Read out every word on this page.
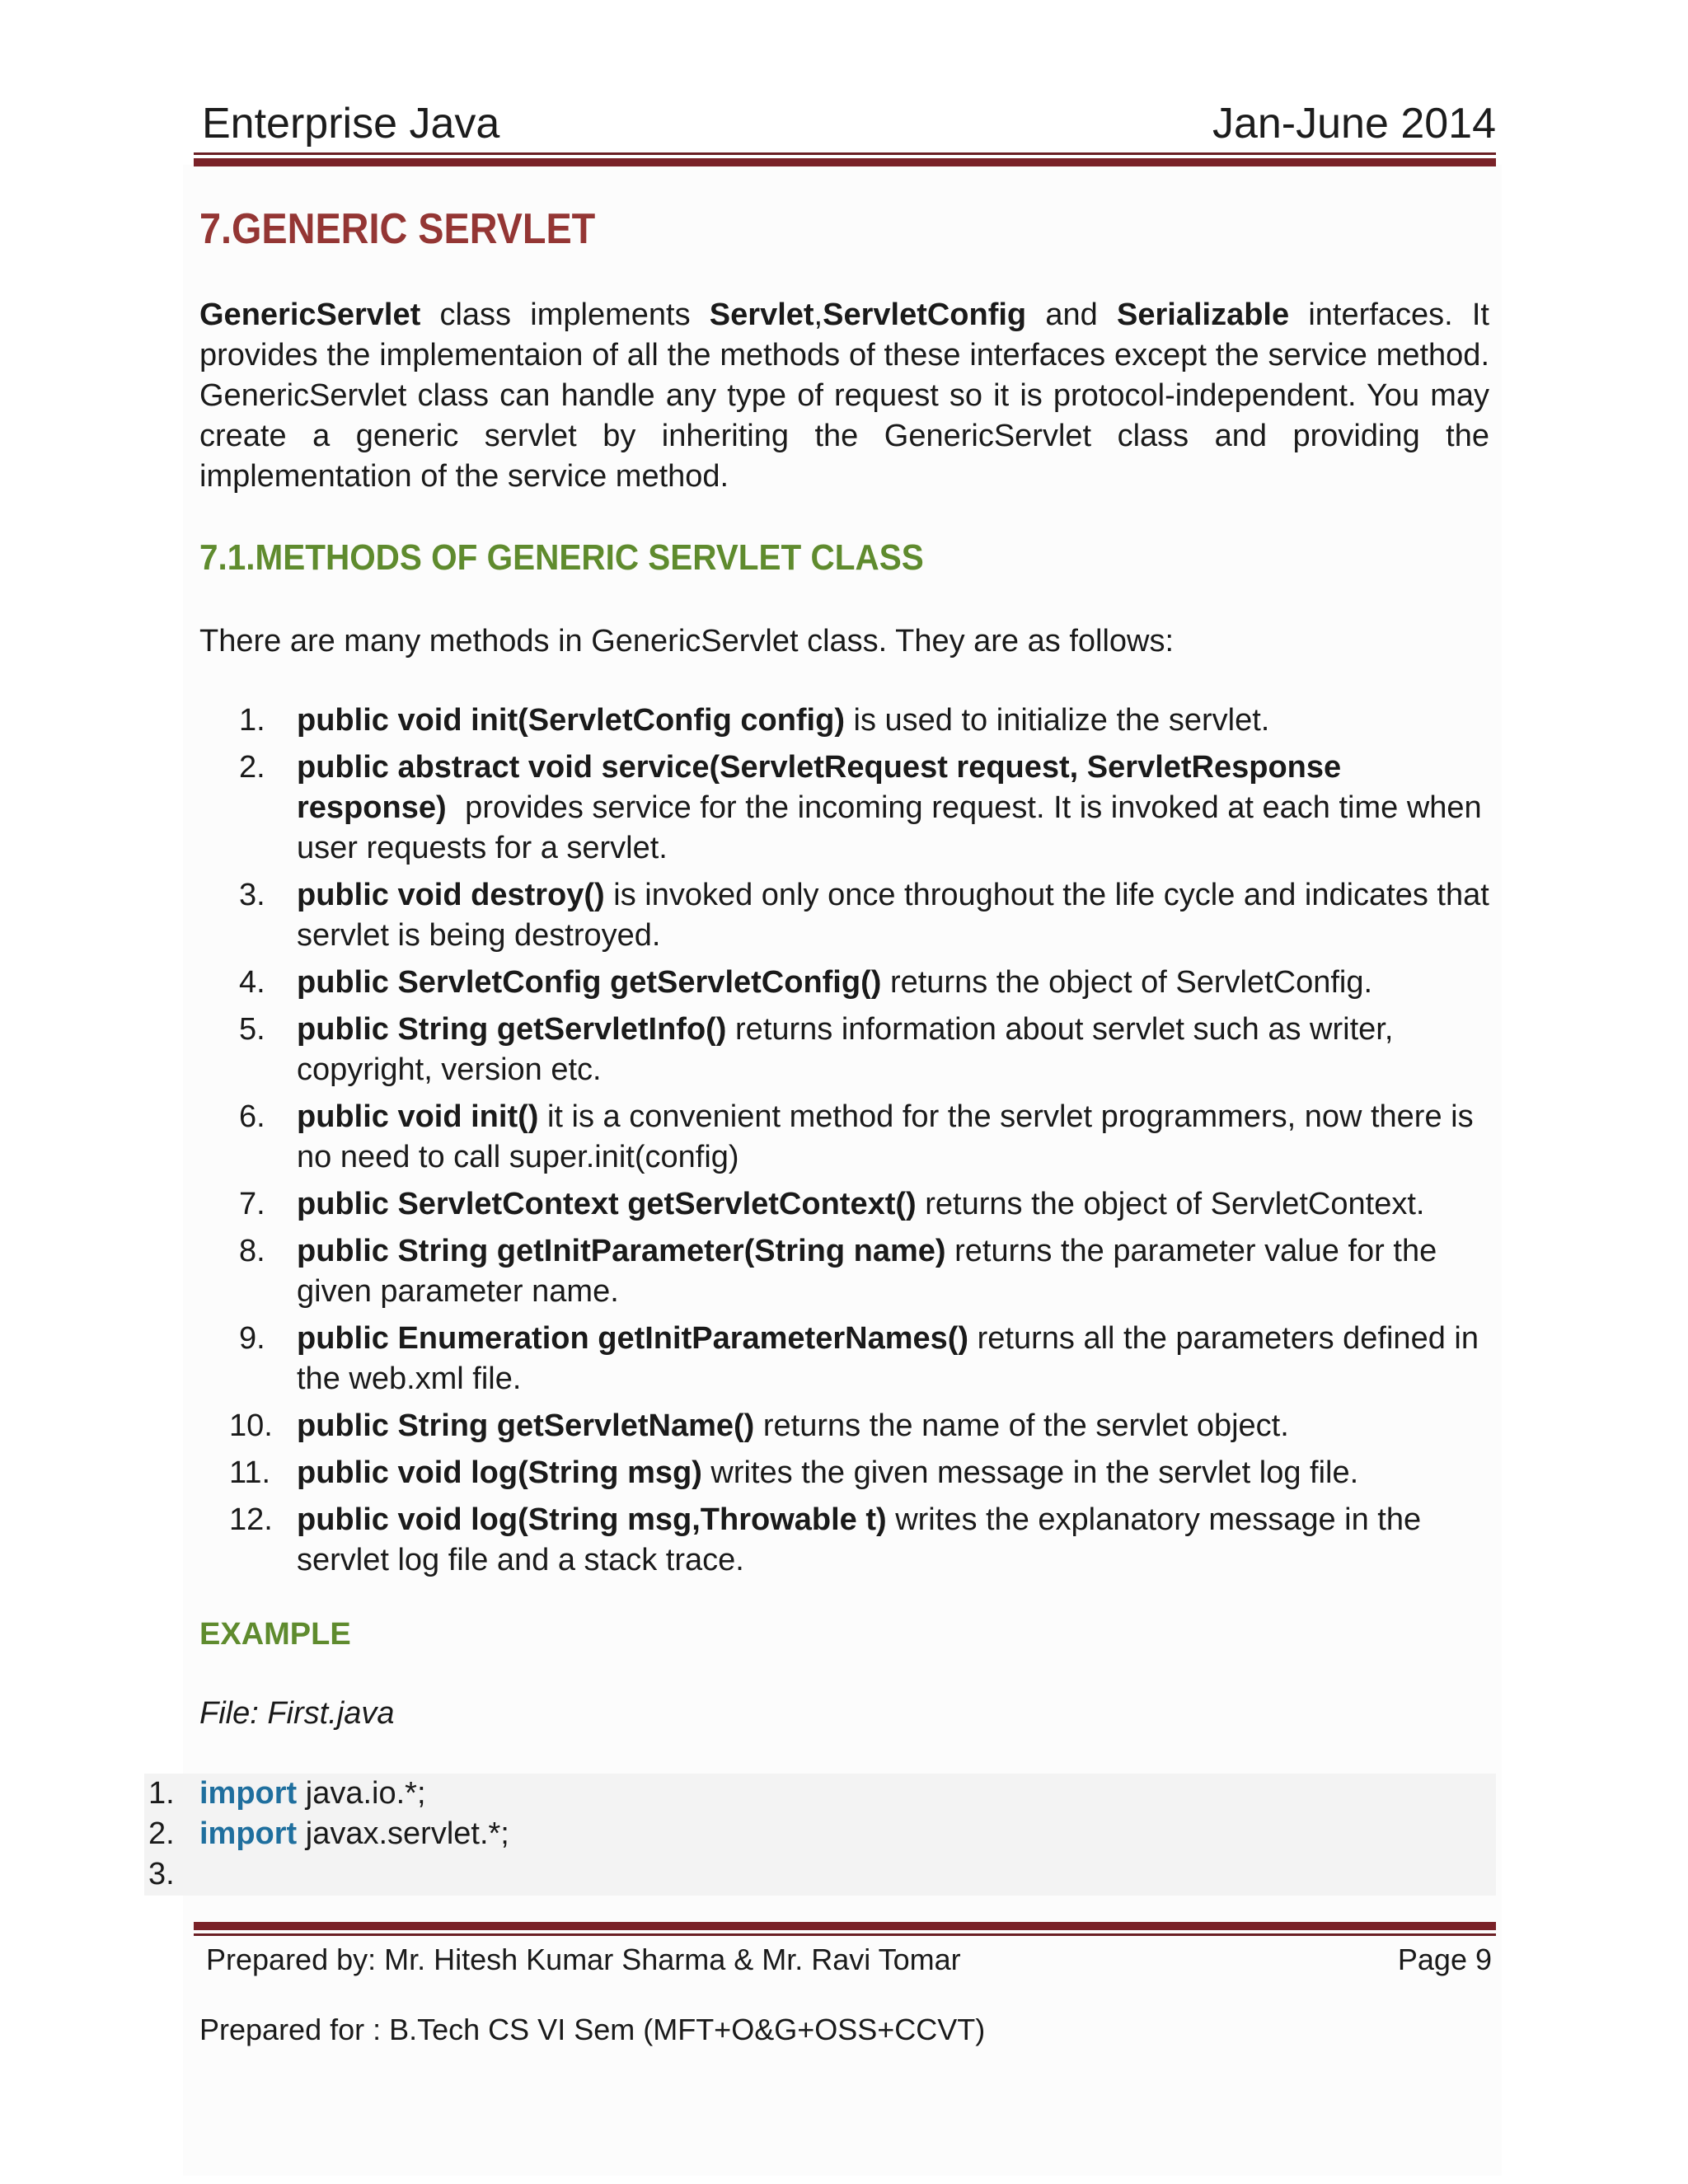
Enterprise Java	Jan-June 2014
7.GENERIC SERVLET
GenericServlet class implements Servlet,ServletConfig and Serializable interfaces. It provides the implementaion of all the methods of these interfaces except the service method. GenericServlet class can handle any type of request so it is protocol-independent. You may create a generic servlet by inheriting the GenericServlet class and providing the implementation of the service method.
7.1.METHODS OF GENERIC SERVLET CLASS
There are many methods in GenericServlet class. They are as follows:
1. public void init(ServletConfig config) is used to initialize the servlet.
2. public abstract void service(ServletRequest request, ServletResponse response) provides service for the incoming request. It is invoked at each time when user requests for a servlet.
3. public void destroy() is invoked only once throughout the life cycle and indicates that servlet is being destroyed.
4. public ServletConfig getServletConfig() returns the object of ServletConfig.
5. public String getServletInfo() returns information about servlet such as writer, copyright, version etc.
6. public void init() it is a convenient method for the servlet programmers, now there is no need to call super.init(config)
7. public ServletContext getServletContext() returns the object of ServletContext.
8. public String getInitParameter(String name) returns the parameter value for the given parameter name.
9. public Enumeration getInitParameterNames() returns all the parameters defined in the web.xml file.
10. public String getServletName() returns the name of the servlet object.
11. public void log(String msg) writes the given message in the servlet log file.
12. public void log(String msg,Throwable t) writes the explanatory message in the servlet log file and a stack trace.
EXAMPLE
File: First.java
1. import java.io.*;
2. import javax.servlet.*;
3.
Prepared by: Mr. Hitesh Kumar Sharma & Mr. Ravi Tomar	Page 9
Prepared for : B.Tech CS VI Sem (MFT+O&G+OSS+CCVT)
